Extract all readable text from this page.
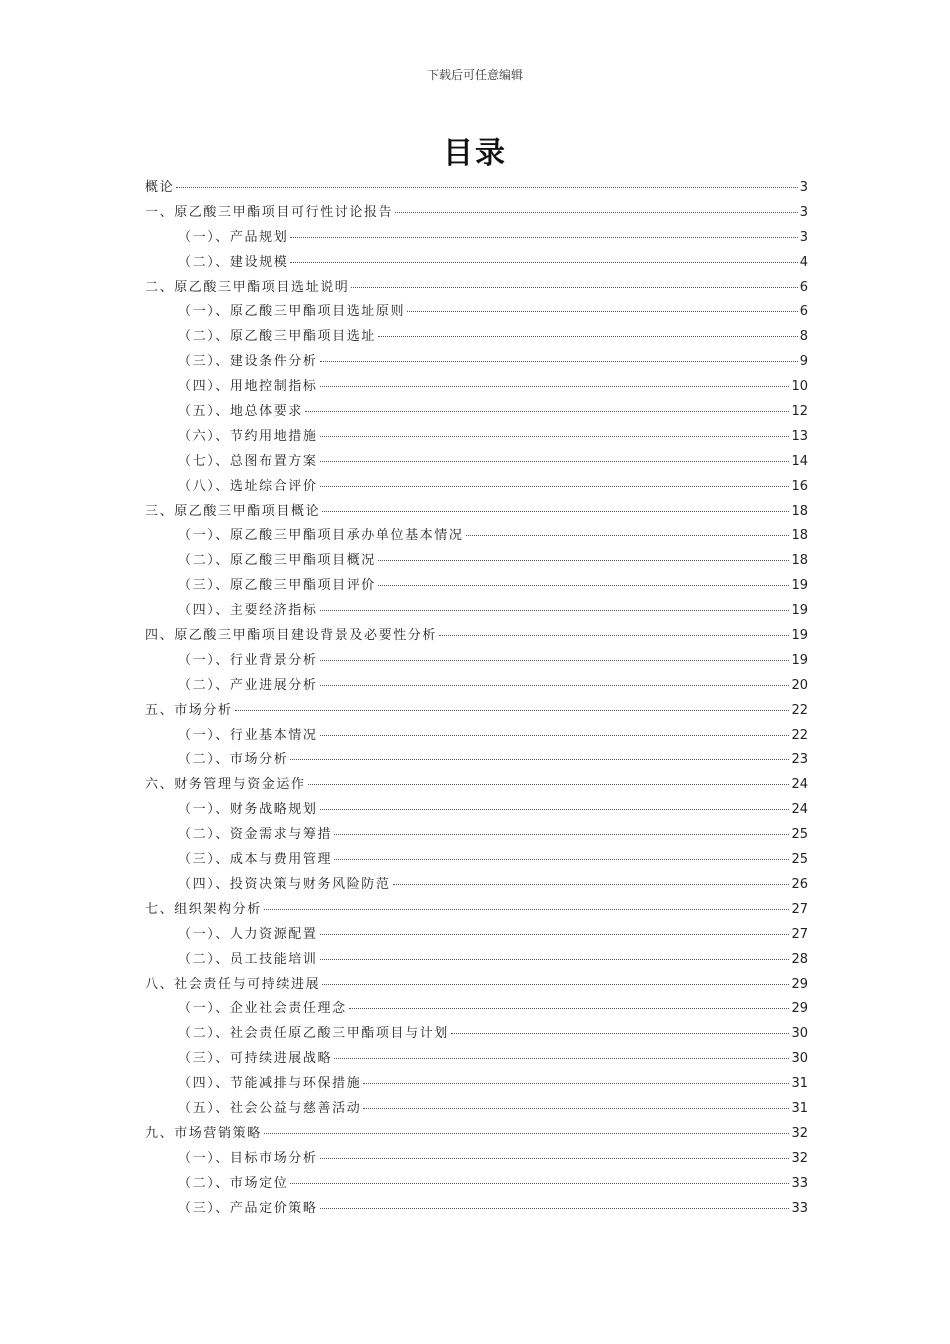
下载后可任意编辑
目录
概论	3
一、原乙酸三甲酯项目可行性讨论报告	3
（一）、产品规划	3
（二）、建设规模	4
二、原乙酸三甲酯项目选址说明	6
（一）、原乙酸三甲酯项目选址原则	6
（二）、原乙酸三甲酯项目选址	8
（三）、建设条件分析	9
（四）、用地控制指标	10
（五）、地总体要求	12
（六）、节约用地措施	13
（七）、总图布置方案	14
（八）、选址综合评价	16
三、原乙酸三甲酯项目概论	18
（一）、原乙酸三甲酯项目承办单位基本情况	18
（二）、原乙酸三甲酯项目概况	18
（三）、原乙酸三甲酯项目评价	19
（四）、主要经济指标	19
四、原乙酸三甲酯项目建设背景及必要性分析	19
（一）、行业背景分析	19
（二）、产业进展分析	20
五、市场分析	22
（一）、行业基本情况	22
（二）、市场分析	23
六、财务管理与资金运作	24
（一）、财务战略规划	24
（二）、资金需求与筹措	25
（三）、成本与费用管理	25
（四）、投资决策与财务风险防范	26
七、组织架构分析	27
（一）、人力资源配置	27
（二）、员工技能培训	28
八、社会责任与可持续进展	29
（一）、企业社会责任理念	29
（二）、社会责任原乙酸三甲酯项目与计划	30
（三）、可持续进展战略	30
（四）、节能减排与环保措施	31
（五）、社会公益与慈善活动	31
九、市场营销策略	32
（一）、目标市场分析	32
（二）、市场定位	33
（三）、产品定价策略	33
